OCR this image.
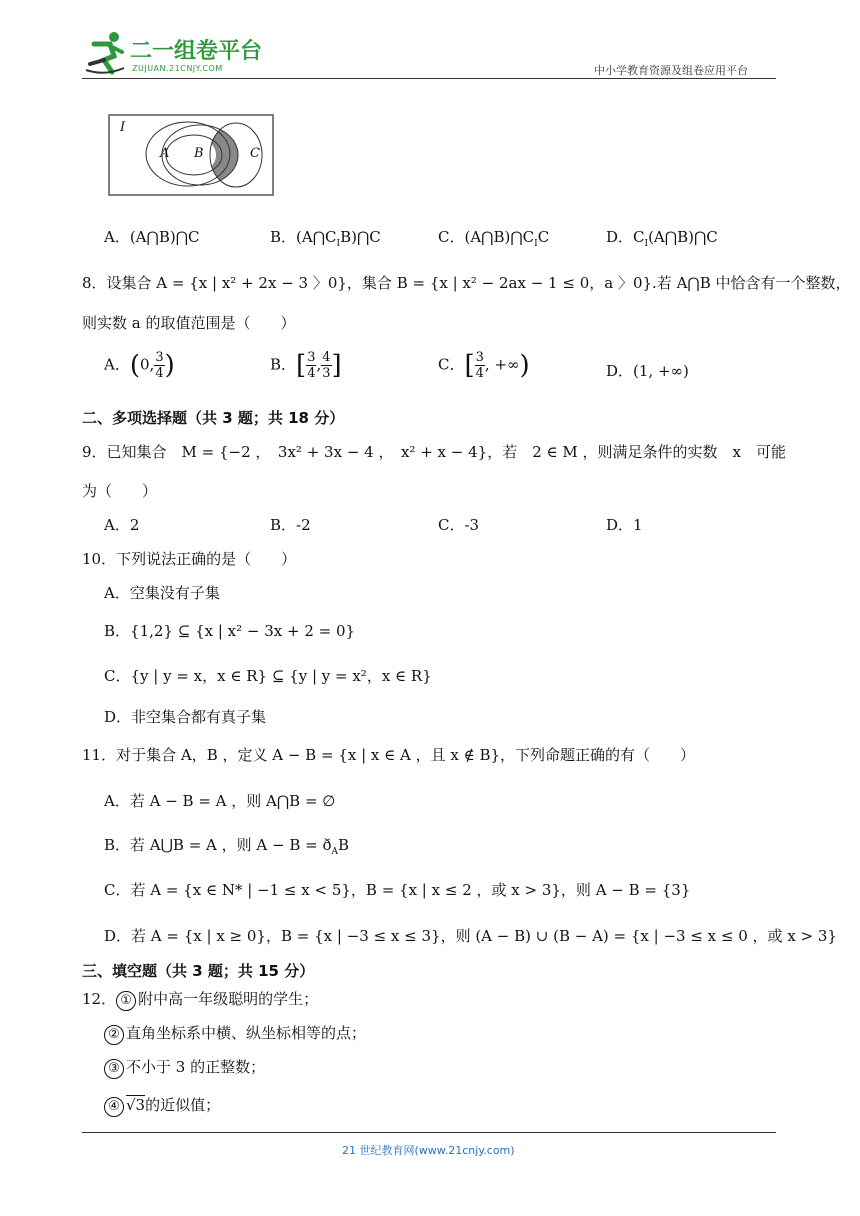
二一组卷平台
ZUJUAN.21CNJY.COM	中小学教育资源及组卷应用平台
I
A B	C
A．(A⋂B)⋂C	B．$(A⋂C_IB)⋂C$	C．$(A⋂B)⋂C_IC$	D．$C_I(A⋂B)⋂C$
8．设集合 A = {x | x² + 2x − 3 〉0}，集合 B = {x | x² − 2ax − 1 ≤ 0，a 〉0}.若 A⋂B 中恰含有一个整数，
则实数 a 的取值范围是（　　）
A．(0, $\frac{3}{4}$ )	B．[ $\frac{3}{4}$ , $\frac{4}{3}$ ]	C．[ $\frac{3}{4}$ , +∞)	D．(1, +∞)
二、多项选择题（共 3 题；共 18 分）
9．已知集合　M = {−2 ，　3x² + 3x − 4 ，　x² + x − 4}，若　2 ∈ M ，则满足条件的实数　x　可能
为（　　）
A．2	B．-2	C．-3	D．1
10．下列说法正确的是（　　）
A．空集没有子集
B．{1,2} ⊆ {x | x² − 3x + 2 = 0}
C．{y | y = x，x ∈ R} ⊆ {y | y = x²，x ∈ R}
D．非空集合都有真子集
11．对于集合 A，B ，定义 A − B = {x | x ∈ A ，且 x ∉ B}，下列命题正确的有（　　）
A．若 A − B = A ，则 A⋂B = ∅
B．若 A⋃B = A ，则 $A - B = ð_AB$
C．若 A = {x ∈ N* | −1 ≤ x < 5}，B = {x | x ≤ 2 ，或 x > 3}，则 A − B = {3}
D．若 A = {x | x ≥ 0}，B = {x | −3 ≤ x ≤ 3}，则 (A − B) ∪ (B − A) = {x | −3 ≤ x ≤ 0 ，或 x > 3}
三、填空题（共 3 题；共 15 分）
12． ① 附中高一年级聪明的学生；
② 直角坐标系中横、纵坐标相等的点；
③ 不小于 3 的正整数；
④ √3的近似值；
21 世纪教育网(www.21cnjy.com)
